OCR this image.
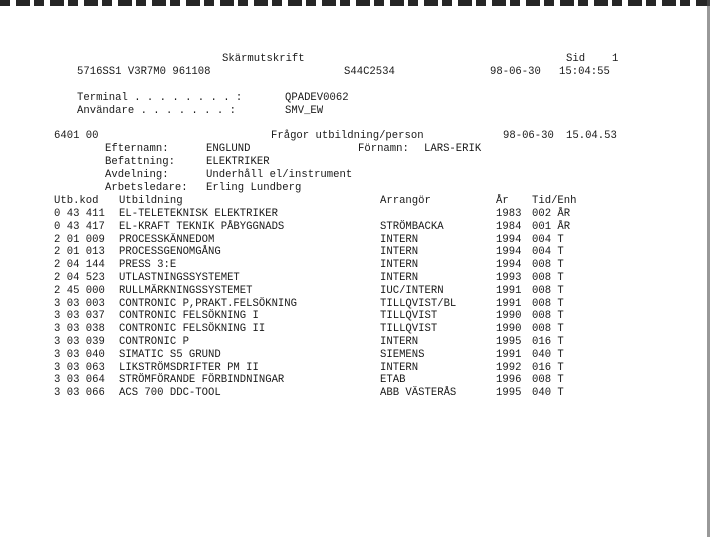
Skärmutskrift	Sid	1
5716SS1 V3R7M0 961108	S44C2534	98-06-30 15:04:55
Terminal . . . . . . . . :	QPADEV0062
Användare . . . . . . . :	SMV_EW
6401 00	Frågor utbildning/person	98-06-30 15.04.53
Efternamn:	ENGLUND	Förnamn: LARS-ERIK
Befattning:	ELEKTRIKER
Avdelning:	Underhåll el/instrument
Arbetsledare: Erling Lundberg
Utb.kod Utbildning	Arrangör	År Tid/Enh
0 43 411 EL-TELETEKNISK ELEKTRIKER	1983 002 ÅR
0 43 417 EL-KRAFT TEKNIK PÅBYGGNADS	STRÖMBACKA	1984 001 ÅR
2 01 009 PROCESSKÄNNEDOM	INTERN	1994 004 T
2 01 013 PROCESSGENOMGÅNG	INTERN	1994 004 T
2 04 144 PRESS 3:E	INTERN	1994 008 T
2 04 523 UTLASTNINGSSYSTEMET	INTERN	1993 008 T
2 45 000 RULLMÄRKNINGSSYSTEMET	IUC/INTERN	1991 008 T
3 03 003 CONTRONIC P,PRAKT.FELSÖKNING	TILLQVIST/BL	1991 008 T
3 03 037 CONTRONIC FELSÖKNING I	TILLQVIST	1990 008 T
3 03 038 CONTRONIC FELSÖKNING II	TILLQVIST	1990 008 T
3 03 039 CONTRONIC P	INTERN	1995 016 T
3 03 040 SIMATIC S5 GRUND	SIEMENS	1991 040 T
3 03 063 LIKSTRÖMSDRIFTER PM II	INTERN	1992 016 T
3 03 064 STRÖMFÖRANDE FÖRBINDNINGAR	ETAB	1996 008 T
3 03 066 ACS 700 DDC-TOOL	ABB VÄSTERÅS	1995 040 T
